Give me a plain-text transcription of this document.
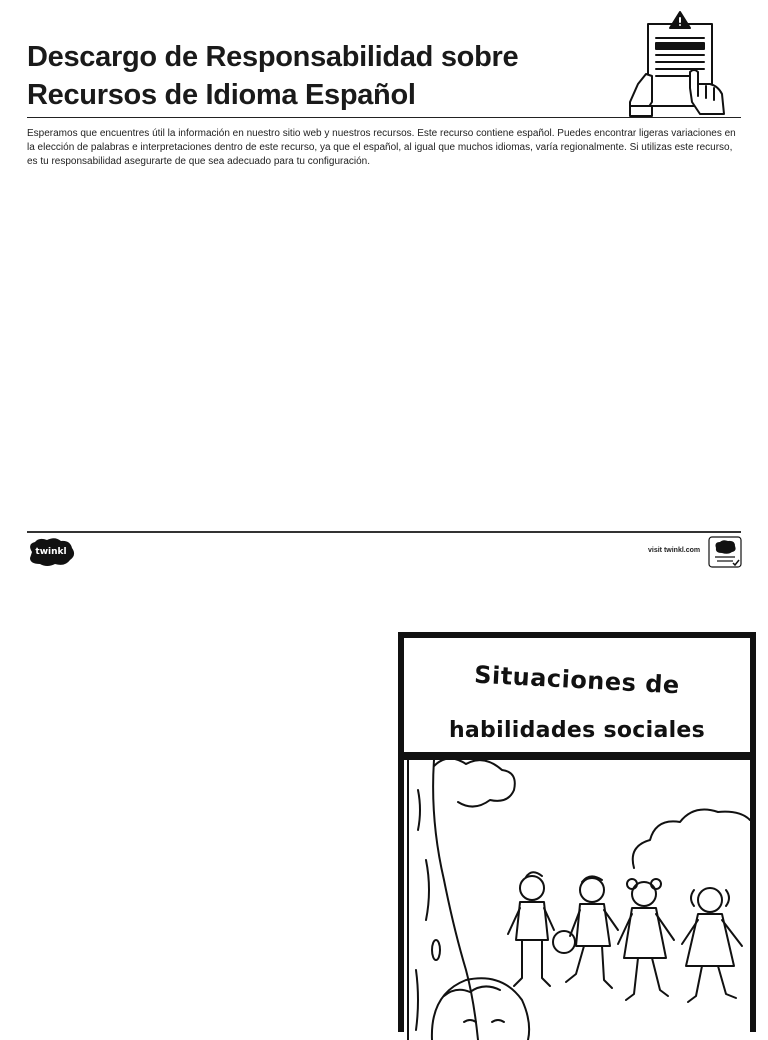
Descargo de Responsabilidad sobre
Recursos de Idioma Español

Esperamos que encuentres útil la información en nuestro sitio web y nuestros recursos. Este recurso contiene español. Puedes encontrar ligeras variaciones en la elección de palabras e interpretaciones dentro de este recurso, ya que el español, al igual que muchos idiomas, varía regionalmente. Si utilizas este recurso, es tu responsabilidad asegurarte de que sea adecuado para tu configuración.

twinkl	visit twinkl.com
Situaciones de
habilidades sociales
